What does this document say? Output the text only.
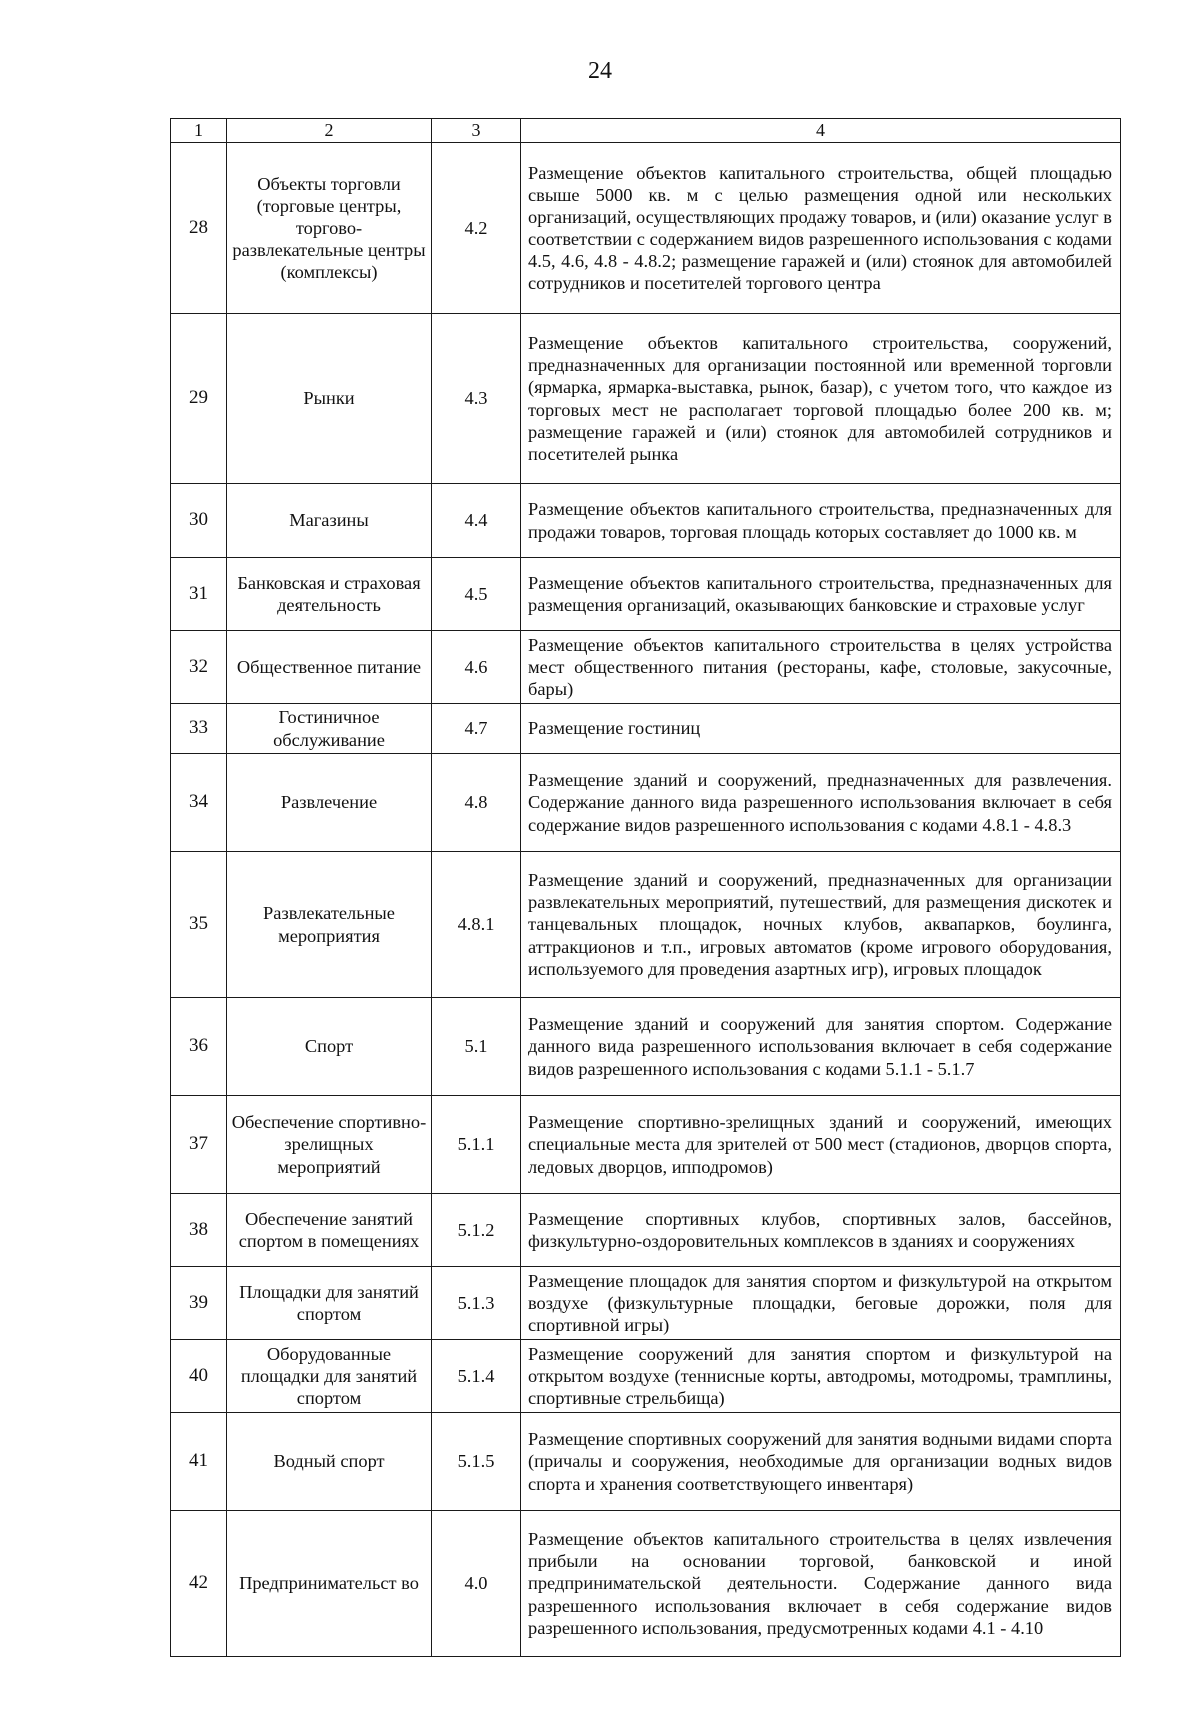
24
1	2	3	4
28	Объекты торговли (торговые центры, торгово-развлекательные центры (комплексы)	4.2	Размещение объектов капитального строительства, общей площадью свыше 5000 кв. м с целью размещения одной или нескольких организаций, осуществляющих продажу товаров, и (или) оказание услуг в соответствии с содержанием видов разрешенного использования с кодами 4.5, 4.6, 4.8 - 4.8.2; размещение гаражей и (или) стоянок для автомобилей сотрудников и посетителей торгового центра
29	Рынки	4.3	Размещение объектов капитального строительства, сооружений, предназначенных для организации постоянной или временной торговли (ярмарка, ярмарка-выставка, рынок, базар), с учетом того, что каждое из торговых мест не располагает торговой площадью более 200 кв. м; размещение гаражей и (или) стоянок для автомобилей сотрудников и посетителей рынка
30	Магазины	4.4	Размещение объектов капитального строительства, предназначенных для продажи товаров, торговая площадь которых составляет до 1000 кв. м
31	Банковская и страховая деятельность	4.5	Размещение объектов капитального строительства, предназначенных для размещения организаций, оказывающих банковские и страховые услуг
32	Общественное питание	4.6	Размещение объектов капитального строительства в целях устройства мест общественного питания (рестораны, кафе, столовые, закусочные, бары)
33	Гостиничное обслуживание	4.7	Размещение гостиниц
34	Развлечение	4.8	Размещение зданий и сооружений, предназначенных для развлечения. Содержание данного вида разрешенного использования включает в себя содержание видов разрешенного использования с кодами 4.8.1 - 4.8.3
35	Развлекательные мероприятия	4.8.1	Размещение зданий и сооружений, предназначенных для организации развлекательных мероприятий, путешествий, для размещения дискотек и танцевальных площадок, ночных клубов, аквапарков, боулинга, аттракционов и т.п., игровых автоматов (кроме игрового оборудования, используемого для проведения азартных игр), игровых площадок
36	Спорт	5.1	Размещение зданий и сооружений для занятия спортом. Содержание данного вида разрешенного использования включает в себя содержание видов разрешенного использования с кодами 5.1.1 - 5.1.7
37	Обеспечение спортивно-зрелищных мероприятий	5.1.1	Размещение спортивно-зрелищных зданий и сооружений, имеющих специальные места для зрителей от 500 мест (стадионов, дворцов спорта, ледовых дворцов, ипподромов)
38	Обеспечение занятий спортом в помещениях	5.1.2	Размещение спортивных клубов, спортивных залов, бассейнов, физкультурно-оздоровительных комплексов в зданиях и сооружениях
39	Площадки для занятий спортом	5.1.3	Размещение площадок для занятия спортом и физкультурой на открытом воздухе (физкультурные площадки, беговые дорожки, поля для спортивной игры)
40	Оборудованные площадки для занятий спортом	5.1.4	Размещение сооружений для занятия спортом и физкультурой на открытом воздухе (теннисные корты, автодромы, мотодромы, трамплины, спортивные стрельбища)
41	Водный спорт	5.1.5	Размещение спортивных сооружений для занятия водными видами спорта (причалы и сооружения, необходимые для организации водных видов спорта и хранения соответствующего инвентаря)
42	Предпринимательст во	4.0	Размещение объектов капитального строительства в целях извлечения прибыли на основании торговой, банковской и иной предпринимательской деятельности. Содержание данного вида разрешенного использования включает в себя содержание видов разрешенного использования, предусмотренных кодами 4.1 - 4.10
